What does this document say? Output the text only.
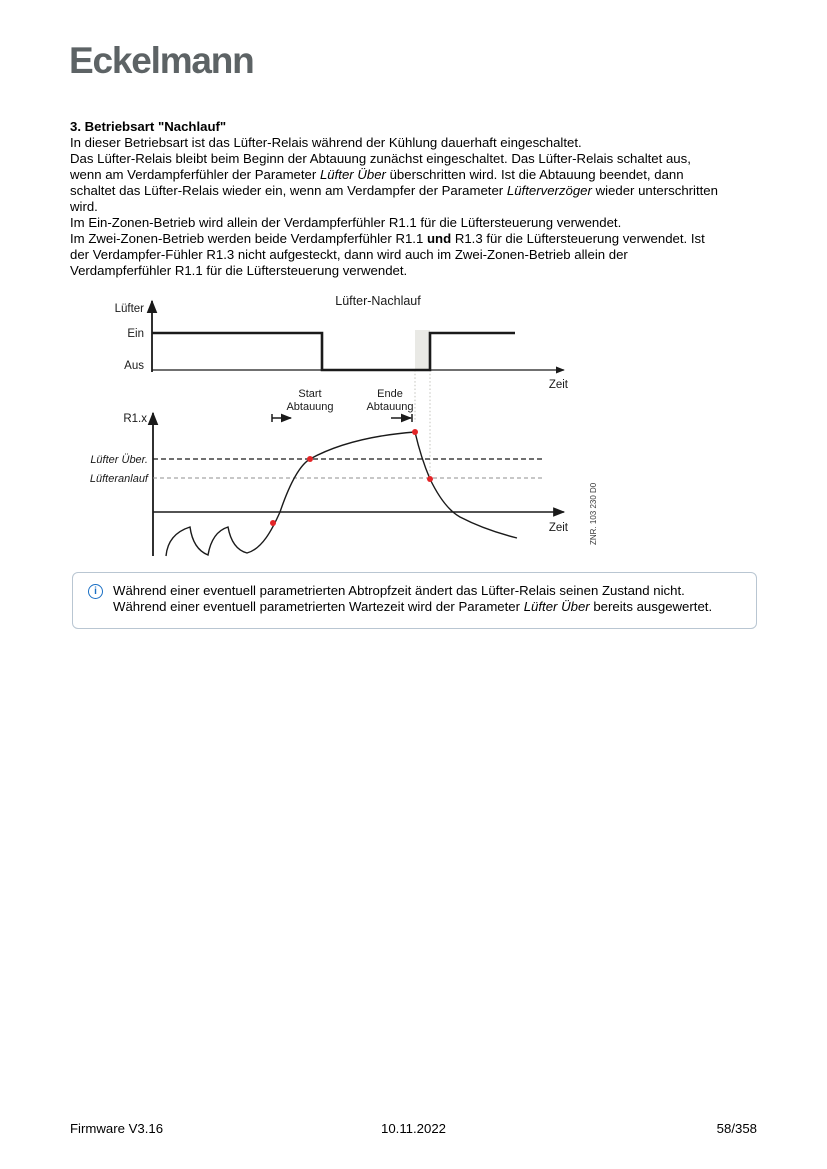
Eckelmann
3. Betriebsart "Nachlauf"
In dieser Betriebsart ist das Lüfter-Relais während der Kühlung dauerhaft eingeschaltet.
Das Lüfter-Relais bleibt beim Beginn der Abtauung zunächst eingeschaltet. Das Lüfter-Relais schaltet aus,
wenn am Verdampferfühler der Parameter Lüfter Über überschritten wird. Ist die Abtauung beendet, dann
schaltet das Lüfter-Relais wieder ein, wenn am Verdampfer der Parameter Lüfterverzöger wieder unterschritten
wird.
Im Ein-Zonen-Betrieb wird allein der Verdampferfühler R1.1 für die Lüftersteuerung verwendet.
Im Zwei-Zonen-Betrieb werden beide Verdampferfühler R1.1 und R1.3 für die Lüftersteuerung verwendet. Ist
der Verdampfer-Fühler R1.3 nicht aufgesteckt, dann wird auch im Zwei-Zonen-Betrieb allein der
Verdampferfühler R1.1 für die Lüftersteuerung verwendet.
Lüfter-Nachlauf
Lüfter
Ein
Aus
Zeit
Start
Abtauung
Ende
Abtauung
R1.x
Lüfter Über.
Lüfteranlauf
Zeit	ZNR. 103 230 D0
i Während einer eventuell parametrierten Abtropfzeit ändert das Lüfter-Relais seinen Zustand nicht.
Während einer eventuell parametrierten Wartezeit wird der Parameter Lüfter Über bereits ausgewertet.
Firmware V3.16	10.11.2022	58/358
